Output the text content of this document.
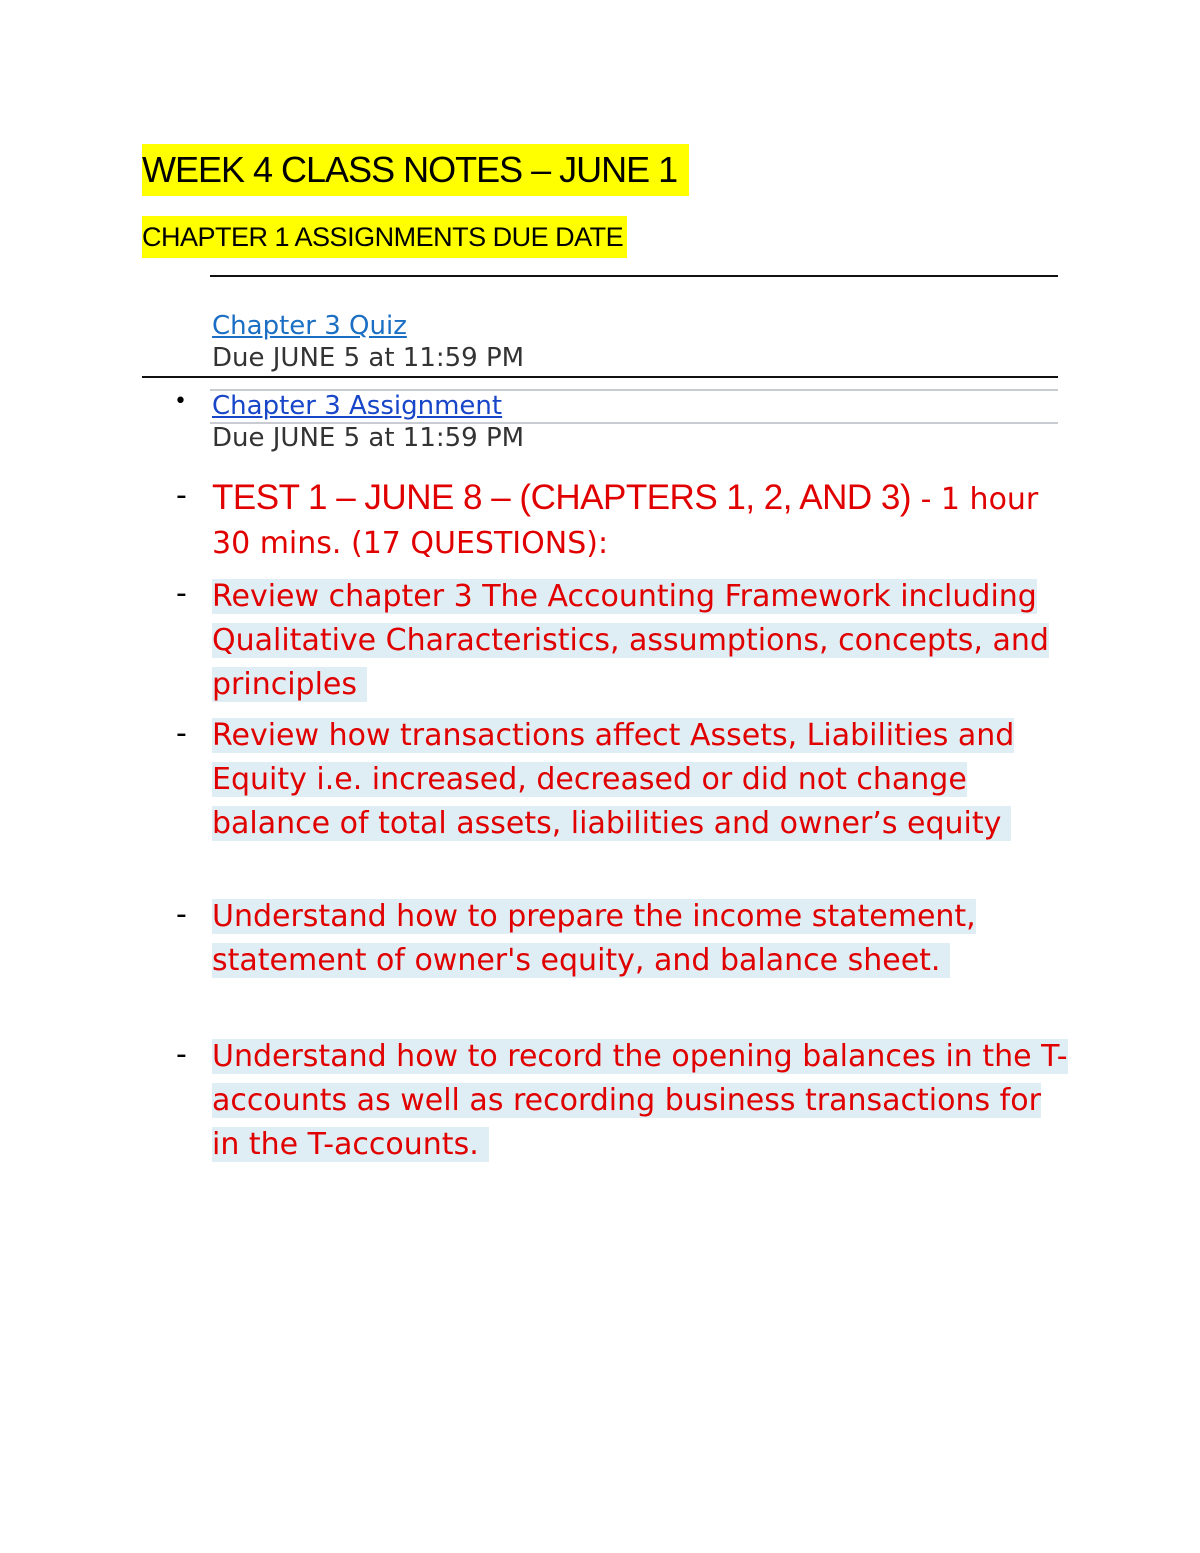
WEEK 4 CLASS NOTES – JUNE 1
CHAPTER 1 ASSIGNMENTS DUE DATE
Chapter 3 Quiz
Due JUNE 5 at 11:59 PM
• Chapter 3 Assignment
Due JUNE 5 at 11:59 PM
- TEST 1 – JUNE 8 – (CHAPTERS 1, 2, AND 3) - 1 hour 30 mins. (17 QUESTIONS):
- Review chapter 3 The Accounting Framework including Qualitative Characteristics, assumptions, concepts, and principles
- Review how transactions affect Assets, Liabilities and Equity i.e. increased, decreased or did not change balance of total assets, liabilities and owner’s equity
- Understand how to prepare the income statement, statement of owner's equity, and balance sheet.
- Understand how to record the opening balances in the T-accounts as well as recording business transactions for in the T-accounts.
